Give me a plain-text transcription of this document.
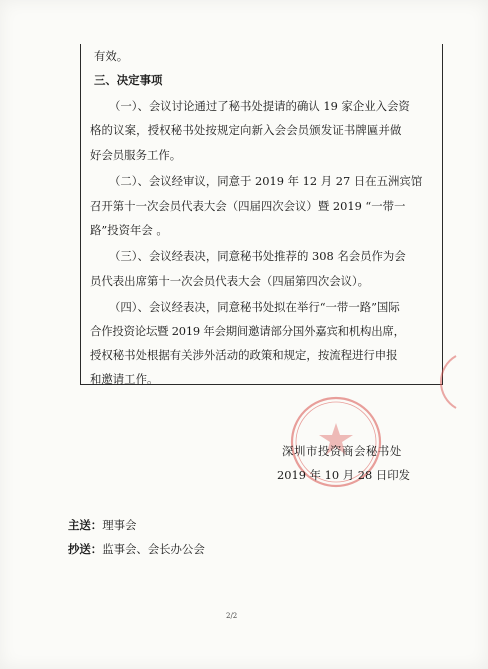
有效。
三、决定事项
（一）、会议讨论通过了秘书处提请的确认 19 家企业入会资
格的议案，授权秘书处按规定向新入会会员颁发证书牌匾并做
好会员服务工作。
（二）、会议经审议，同意于 2019 年 12 月 27 日在五洲宾馆
召开第十一次会员代表大会（四届四次会议）暨 2019 “一带一
路”投资年会 。
（三）、会议经表决，同意秘书处推荐的 308 名会员作为会
员代表出席第十一次会员代表大会（四届第四次会议）。
（四）、会议经表决，同意秘书处拟在举行“一带一路”国际
合作投资论坛暨 2019 年会期间邀请部分国外嘉宾和机构出席，
授权秘书处根据有关涉外活动的政策和规定，按流程进行申报
和邀请工作。
深圳市投资商会秘书处
2019 年 10 月 28 日印发
主送：理事会
抄送：监事会、会长办公会
2/2
